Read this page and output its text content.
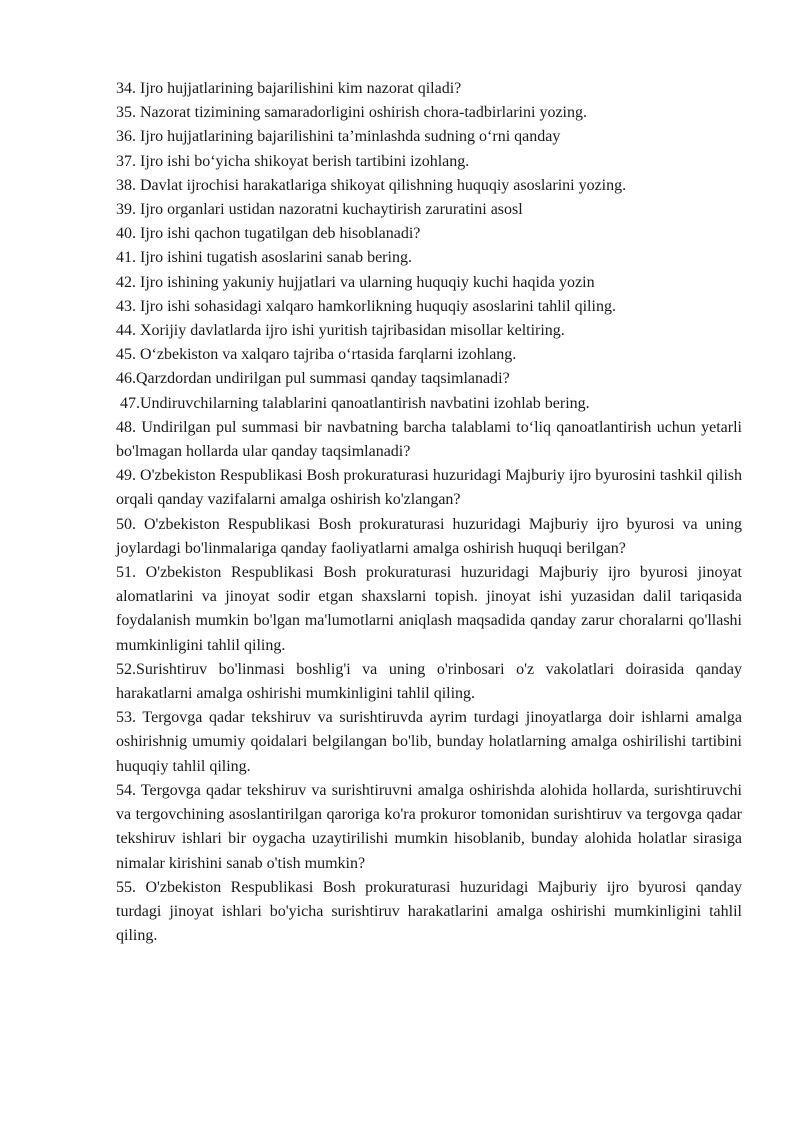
34. Ijro hujjatlarining bajarilishini kim nazorat qiladi?

35. Nazorat tizimining samaradorligini oshirish chora-tadbirlarini yozing.

36. Ijro hujjatlarining bajarilishini ta’minlashda sudning oʻrni qanday

37. Ijro ishi boʻyicha shikoyat berish tartibini izohlang.

38. Davlat ijrochisi harakatlariga shikoyat qilishning huquqiy asoslarini yozing.

39. Ijro organlari ustidan nazoratni kuchaytirish zaruratini asosl

40. Ijro ishi qachon tugatilgan deb hisoblanadi?

41. Ijro ishini tugatish asoslarini sanab bering.

42. Ijro ishining yakuniy hujjatlari va ularning huquqiy kuchi haqida yozin

43. Ijro ishi sohasidagi xalqaro hamkorlikning huquqiy asoslarini tahlil qiling.

44. Xorijiy davlatlarda ijro ishi yuritish tajribasidan misollar keltiring.

45. Oʻzbekiston va xalqaro tajriba oʻrtasida farqlarni izohlang.

46.Qarzdordan undirilgan pul summasi qanday taqsimlanadi?

47.Undiruvchilarning talablarini qanoatlantirish navbatini izohlab bering.

48. Undirilgan pul summasi bir navbatning barcha talablami toʻliq qanoatlantirish uchun yetarli    bo'lmagan hollarda ular qanday taqsimlanadi?

49. O'zbekiston Respublikasi Bosh prokuraturasi huzuridagi Majburiy ijro byurosini tashkil qilish orqali qanday vazifalarni amalga oshirish ko'zlangan?

50. O'zbekiston Respublikasi Bosh prokuraturasi huzuridagi Majburiy ijro byurosi va uning joylardagi bo'linmalariga qanday faoliyatlarni amalga oshirish huquqi berilgan?

51. O'zbekiston Respublikasi Bosh prokuraturasi huzuridagi Majburiy ijro byurosi jinoyat alomatlarini va jinoyat sodir etgan shaxslarni topish. jinoyat ishi yuzasidan dalil tariqasida foydalanish mumkin bo'lgan ma'lumotlarni aniqlash maqsadida qanday zarur choralarni qo'llashi mumkinligini tahlil qiling.

52.Surishtiruv bo'linmasi boshlig'i va uning o'rinbosari o'z vakolatlari doirasida qanday harakatlarni amalga oshirishi mumkinligini tahlil qiling.

53. Tergovga qadar tekshiruv va surishtiruvda ayrim turdagi jinoyatlarga doir ishlarni amalga oshirishnig umumiy qoidalari belgilangan bo'lib, bunday holatlarning amalga oshirilishi tartibini huquqiy tahlil qiling.

54. Tergovga qadar tekshiruv va surishtiruvni amalga oshirishda alohida hollarda, surishtiruvchi va tergovchining asoslantirilgan qaroriga ko'ra prokuror tomonidan surishtiruv va tergovga qadar tekshiruv ishlari bir oygacha uzaytirilishi mumkin hisoblanib, bunday alohida holatlar sirasiga nimalar kirishini sanab o'tish mumkin?

55. O'zbekiston Respublikasi Bosh prokuraturasi huzuridagi Majburiy ijro byurosi qanday turdagi jinoyat ishlari bo'yicha surishtiruv harakatlarini amalga oshirishi mumkinligini tahlil qiling.
